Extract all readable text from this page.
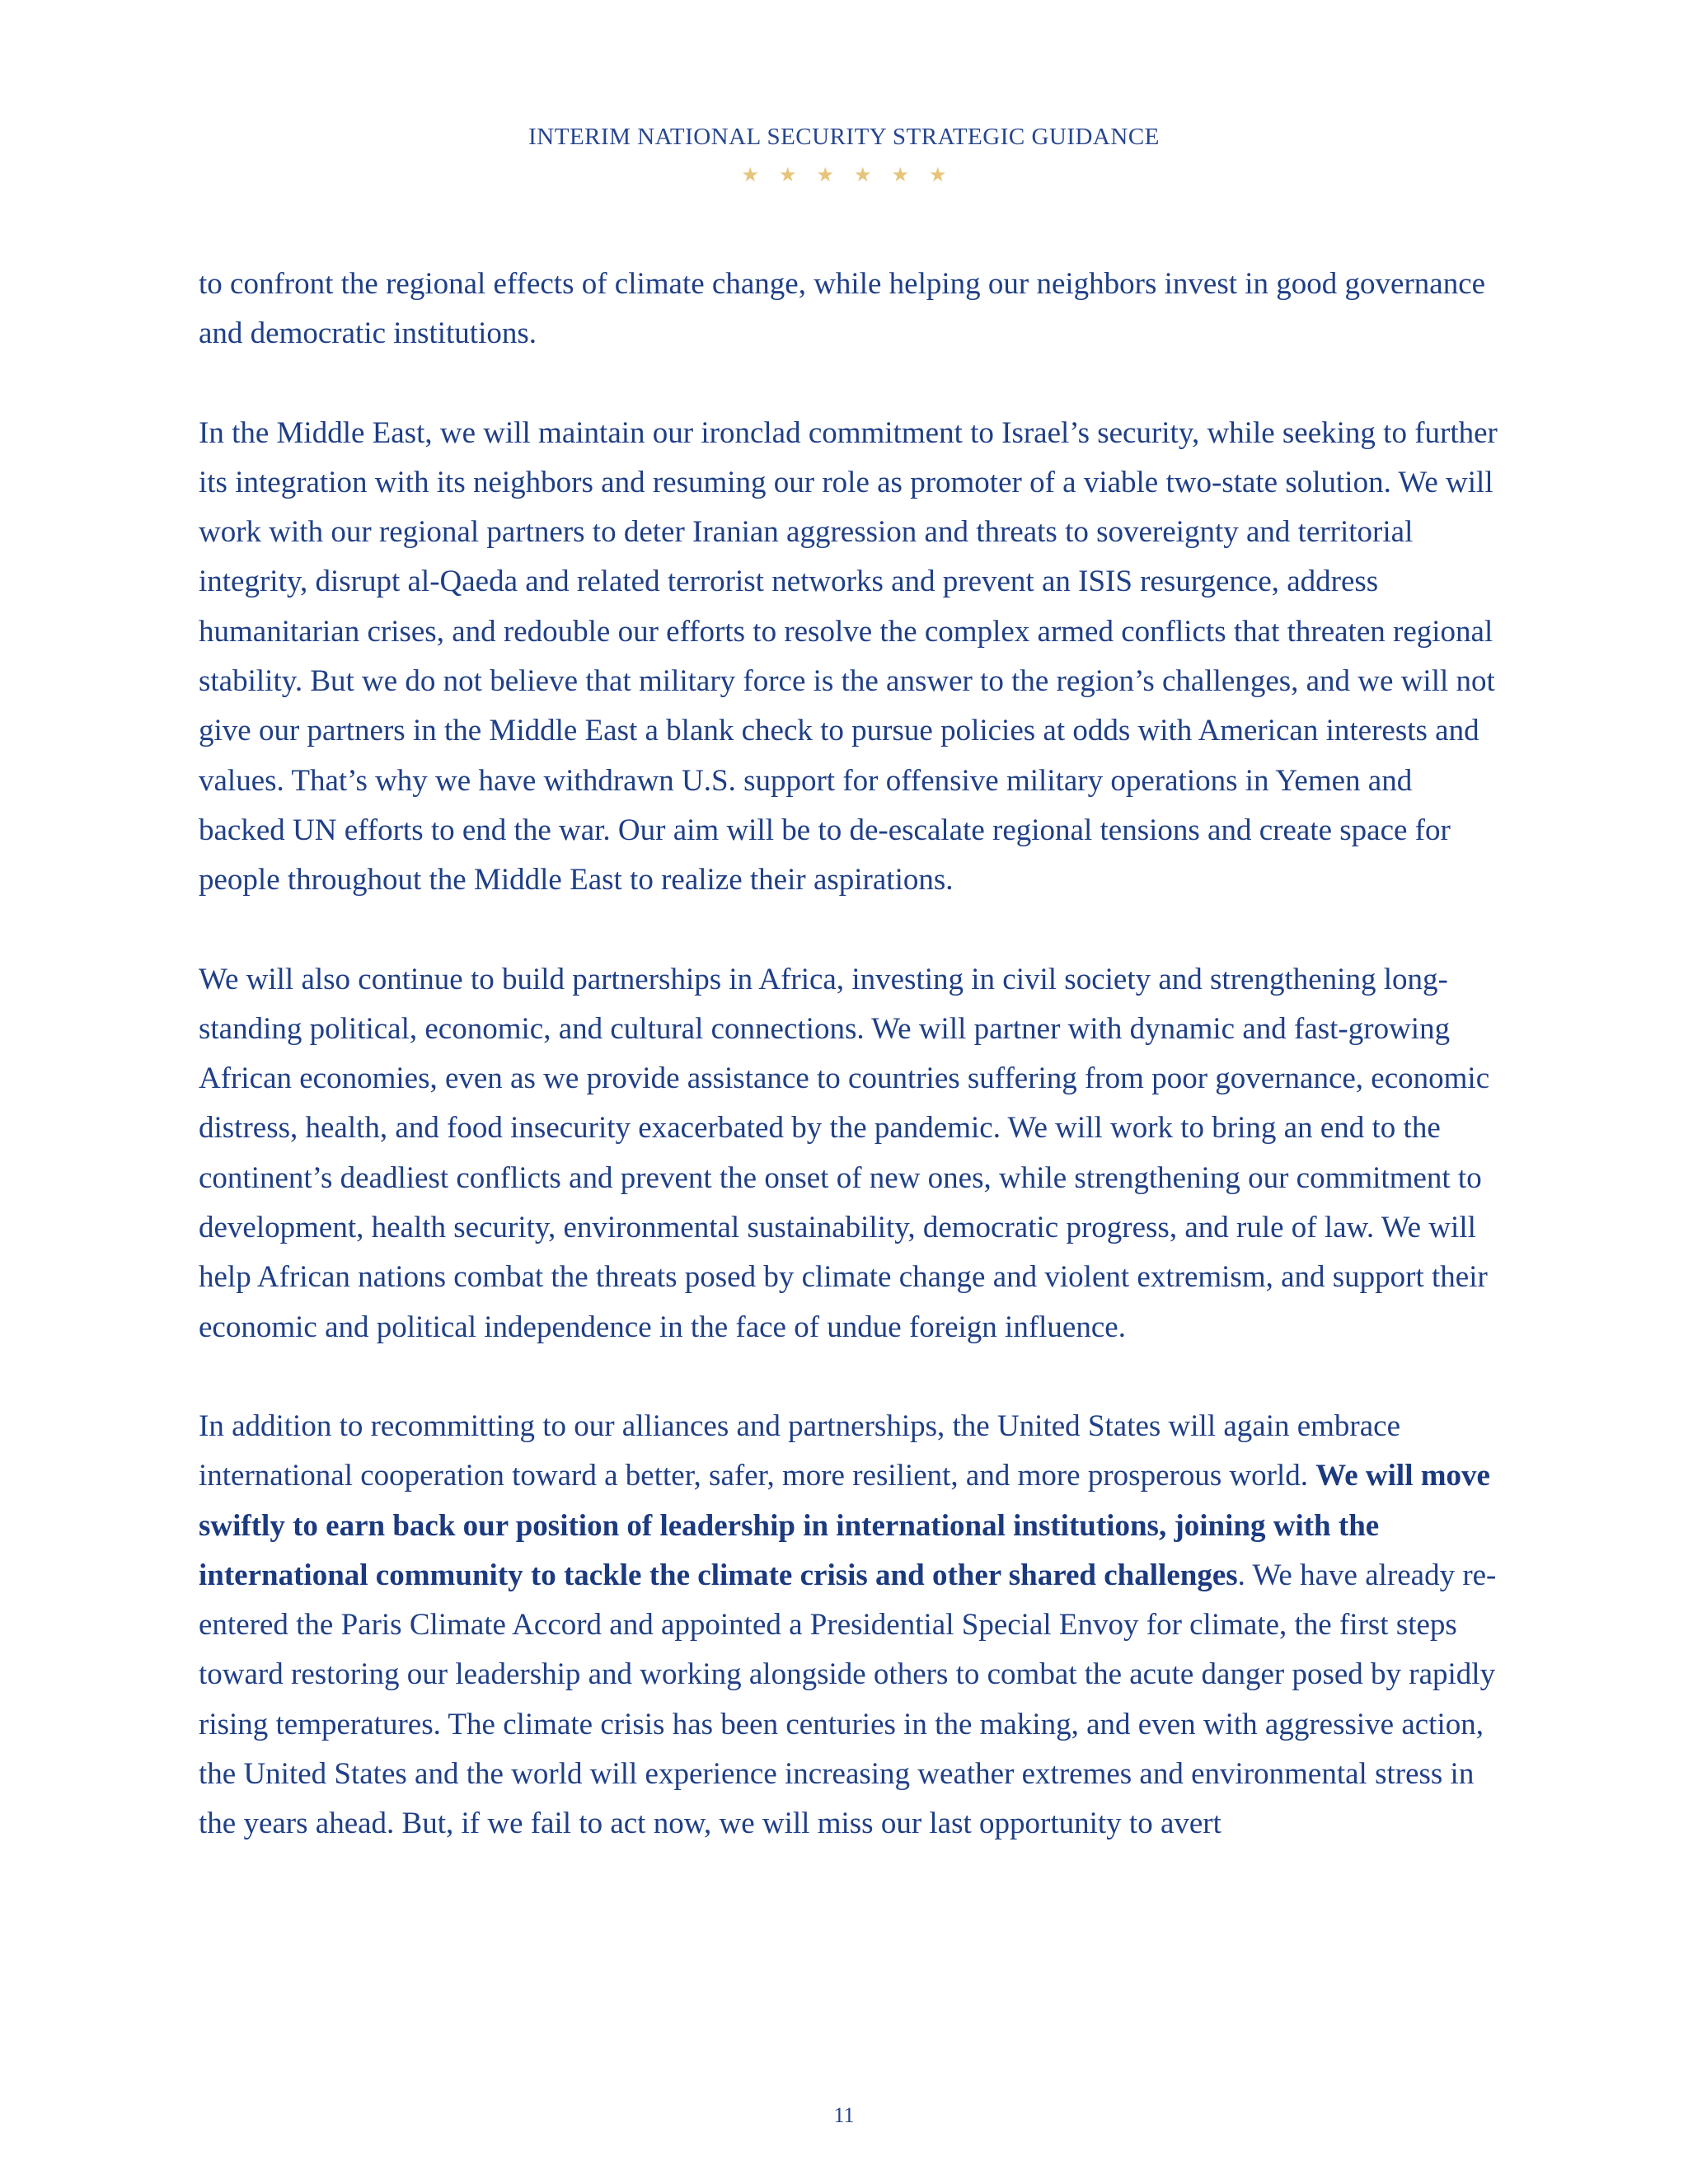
INTERIM NATIONAL SECURITY STRATEGIC GUIDANCE
★ ★ ★ ★ ★ ★

to confront the regional effects of climate change, while helping our neighbors invest in good governance and democratic institutions.

In the Middle East, we will maintain our ironclad commitment to Israel’s security, while seeking to further its integration with its neighbors and resuming our role as promoter of a viable two-state solution. We will work with our regional partners to deter Iranian aggression and threats to sovereignty and territorial integrity, disrupt al-Qaeda and related terrorist networks and prevent an ISIS resurgence, address humanitarian crises, and redouble our efforts to resolve the complex armed conflicts that threaten regional stability. But we do not believe that military force is the answer to the region’s challenges, and we will not give our partners in the Middle East a blank check to pursue policies at odds with American interests and values. That’s why we have withdrawn U.S. support for offensive military operations in Yemen and backed UN efforts to end the war. Our aim will be to de-escalate regional tensions and create space for people throughout the Middle East to realize their aspirations.

We will also continue to build partnerships in Africa, investing in civil society and strengthening long-standing political, economic, and cultural connections. We will partner with dynamic and fast-growing African economies, even as we provide assistance to countries suffering from poor governance, economic distress, health, and food insecurity exacerbated by the pandemic. We will work to bring an end to the continent’s deadliest conflicts and prevent the onset of new ones, while strengthening our commitment to development, health security, environmental sustainability, democratic progress, and rule of law. We will help African nations combat the threats posed by climate change and violent extremism, and support their economic and political independence in the face of undue foreign influence.

In addition to recommitting to our alliances and partnerships, the United States will again embrace international cooperation toward a better, safer, more resilient, and more prosperous world. We will move swiftly to earn back our position of leadership in international institutions, joining with the international community to tackle the climate crisis and other shared challenges. We have already re-entered the Paris Climate Accord and appointed a Presidential Special Envoy for climate, the first steps toward restoring our leadership and working alongside others to combat the acute danger posed by rapidly rising temperatures. The climate crisis has been centuries in the making, and even with aggressive action, the United States and the world will experience increasing weather extremes and environmental stress in the years ahead. But, if we fail to act now, we will miss our last opportunity to avert

11
